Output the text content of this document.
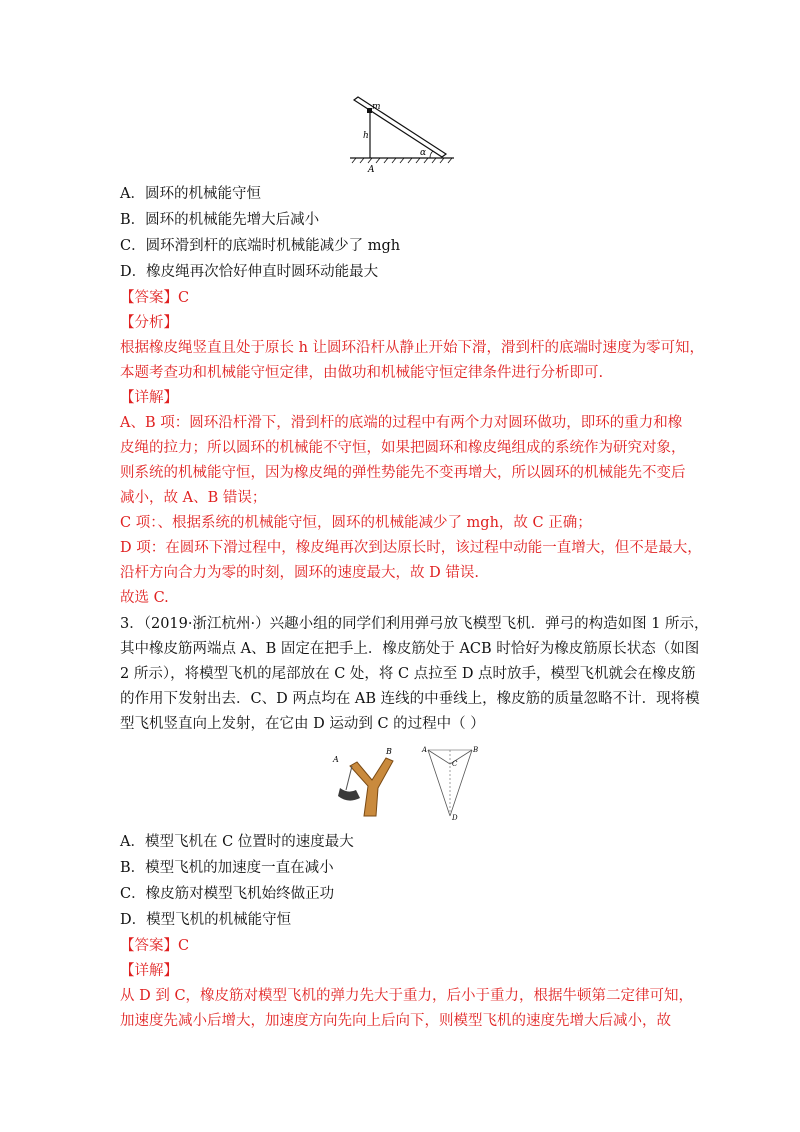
m
h
α
A
A．圆环的机械能守恒
B．圆环的机械能先增大后减小
C．圆环滑到杆的底端时机械能减少了 mgh
D．橡皮绳再次恰好伸直时圆环动能最大
【答案】C
【分析】
根据橡皮绳竖直且处于原长 h 让圆环沿杆从静止开始下滑，滑到杆的底端时速度为零可知，
本题考查功和机械能守恒定律，由做功和机械能守恒定律条件进行分析即可.
【详解】
A、B 项：圆环沿杆滑下，滑到杆的底端的过程中有两个力对圆环做功，即环的重力和橡
皮绳的拉力；所以圆环的机械能不守恒，如果把圆环和橡皮绳组成的系统作为研究对象，
则系统的机械能守恒，因为橡皮绳的弹性势能先不变再增大，所以圆环的机械能先不变后
减小，故 A、B 错误；
C 项：、根据系统的机械能守恒，圆环的机械能减少了 mgh，故 C 正确；
D 项：在圆环下滑过程中，橡皮绳再次到达原长时，该过程中动能一直增大，但不是最大，
沿杆方向合力为零的时刻，圆环的速度最大，故 D 错误.
故选 C.
3．（2019·浙江杭州·）兴趣小组的同学们利用弹弓放飞模型飞机．弹弓的构造如图 1 所示，
其中橡皮筋两端点 A、B 固定在把手上．橡皮筋处于 ACB 时恰好为橡皮筋原长状态（如图
2 所示），将模型飞机的尾部放在 C 处，将 C 点拉至 D 点时放手，模型飞机就会在橡皮筋
的作用下发射出去．C、D 两点均在 AB 连线的中垂线上，橡皮筋的质量忽略不计．现将模
型飞机竖直向上发射，在它由 D 运动到 C 的过程中（ ）
A
B	A	B
C
D
A．模型飞机在 C 位置时的速度最大
B．模型飞机的加速度一直在减小
C．橡皮筋对模型飞机始终做正功
D．模型飞机的机械能守恒
【答案】C
【详解】
从 D 到 C，橡皮筋对模型飞机的弹力先大于重力，后小于重力，根据牛顿第二定律可知，
加速度先减小后增大，加速度方向先向上后向下，则模型飞机的速度先增大后减小，故
